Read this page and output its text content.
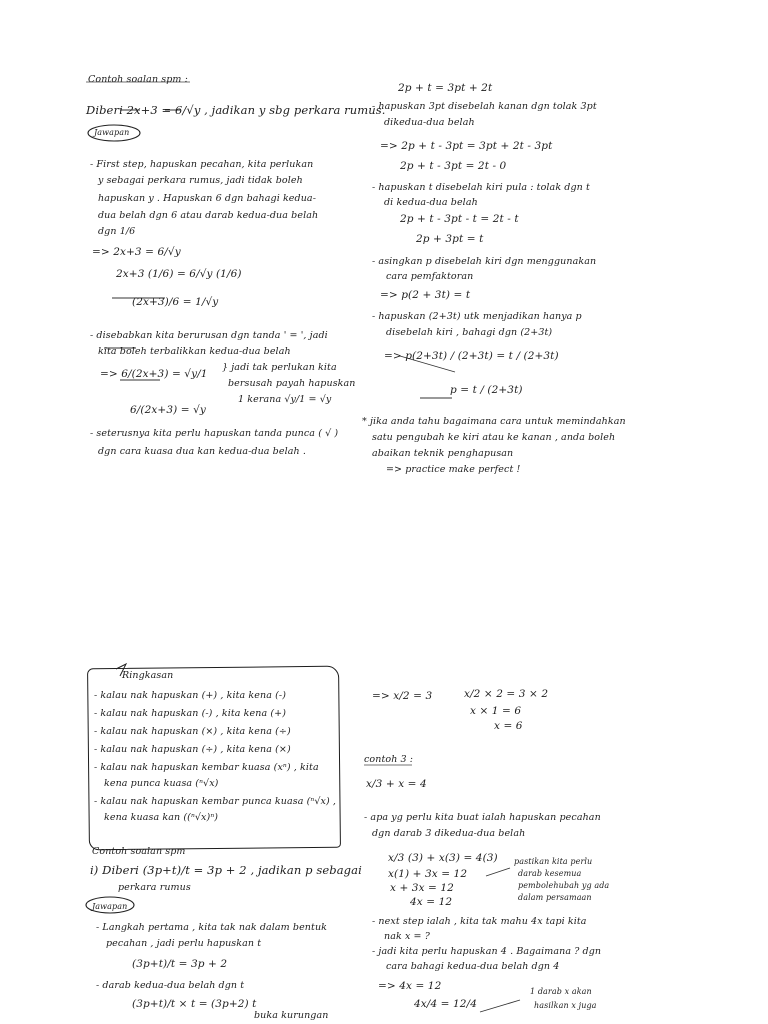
Contoh soalan spm :
Diberi 2x+3 = 6/√y , jadikan y sbg perkara rumus.
Jawapan
- First step, hapuskan pecahan, kita perlukan
y sebagai perkara rumus, jadi tidak boleh
hapuskan y . Hapuskan 6 dgn bahagi kedua-
dua belah dgn 6 atau darab kedua-dua belah
dgn 1/6
=> 2x+3 = 6/√y
2x+3 (1/6) = 6/√y (1/6)
(2x+3)/6 = 1/√y
- disebabkan kita berurusan dgn tanda ' = ', jadi
kita boleh terbalikkan kedua-dua belah
=> 6/(2x+3) = √y/1
} jadi tak perlukan kita
bersusah payah hapuskan
1 kerana √y/1 = √y
6/(2x+3) = √y
- seterusnya kita perlu hapuskan tanda punca ( √ )
dgn cara kuasa dua kan kedua-dua belah .
2p + t = 3pt + 2t
- hapuskan 3pt disebelah kanan dgn tolak 3pt
dikedua-dua belah
=> 2p + t - 3pt = 3pt + 2t - 3pt
2p + t - 3pt = 2t - 0
- hapuskan t disebelah kiri pula : tolak dgn t
di kedua-dua belah
2p + t - 3pt - t = 2t - t
2p + 3pt = t
- asingkan p disebelah kiri dgn menggunakan
cara pemfaktoran
=> p(2 + 3t) = t
- hapuskan (2+3t) utk menjadikan hanya p
disebelah kiri , bahagi dgn (2+3t)
=> p(2+3t) / (2+3t) = t / (2+3t)
p = t / (2+3t)
* jika anda tahu bagaimana cara untuk memindahkan
satu pengubah ke kiri atau ke kanan , anda boleh
abaikan teknik penghapusan
=> practice make perfect !
Ringkasan
- kalau nak hapuskan (+) , kita kena (-)
- kalau nak hapuskan (-) , kita kena (+)
- kalau nak hapuskan (×) , kita kena (÷)
- kalau nak hapuskan (÷) , kita kena (×)
- kalau nak hapuskan kembar kuasa (xⁿ) , kita
kena punca kuasa (ⁿ√x)
- kalau nak hapuskan kembar punca kuasa (ⁿ√x) ,
kena kuasa kan ((ⁿ√x)ⁿ)
Contoh soalan spm
i) Diberi (3p+t)/t = 3p + 2 , jadikan p sebagai
perkara rumus
Jawapan
- Langkah pertama , kita tak nak dalam bentuk
pecahan , jadi perlu hapuskan t
(3p+t)/t = 3p + 2
- darab kedua-dua belah dgn t
(3p+t)/t × t = (3p+2) t
buka kurungan
=> x/2 = 3	x/2 × 2 = 3 × 2
x × 1 = 6
x = 6
contoh 3 :
x/3 + x = 4
- apa yg perlu kita buat ialah hapuskan pecahan
dgn darab 3 dikedua-dua belah
x/3 (3) + x(3) = 4(3)
x(1) + 3x = 12
x + 3x = 12
4x = 12
pastikan kita perlu
darab kesemua
pembolehubah yg ada
dalam persamaan
- next step ialah , kita tak mahu 4x tapi kita
nak x = ?
- jadi kita perlu hapuskan 4 . Bagaimana ? dgn
cara bahagi kedua-dua belah dgn 4
=> 4x = 12
4x/4 = 12/4
1 darab x akan
hasilkan x juga
